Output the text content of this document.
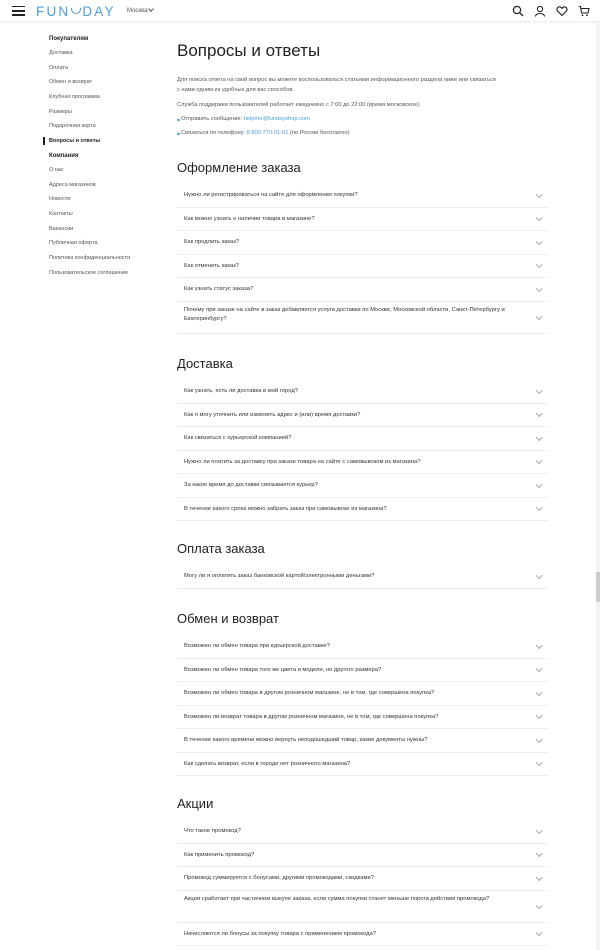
FUN DAY Москва
Покупателям
Доставка
Оплата
Обмен и возврат
Клубная программа
Размеры
Подарочная карта
Вопросы и ответы
Компания
О нас
Адреса магазинов
Новости
Контакты
Вакансии
Публичная оферта
Политика конфиденциальности
Пользовательское соглашение
Вопросы и ответы
Для поиска ответа на свой вопрос вы можете воспользоваться статьями информационного раздела ниже или связаться
с нами одним из удобных для вас способов.
Служба поддержки пользователей работает ежедневно с 7:00 до 22:00 (время московское).
Отправить сообщение: helpme@fundayshop.com
Связаться по телефону: 8 800 770-01-01 (по России бесплатно)
Оформление заказа
Нужно ли регистрироваться на сайте для оформления покупки?
Как можно узнать о наличии товара в магазине?
Как продлить заказ?
Как отменить заказ?
Как узнать статус заказа?
Почему при заказе на сайте в заказ добавляется услуга доставки по Москве, Московской области, Санкт-Петербургу и Екатеринбургу?
Доставка
Как узнать, есть ли доставка в мой город?
Как я могу уточнить или изменить адрес и (или) время доставки?
Как связаться с курьерской компанией?
Нужно ли платить за доставку при заказе товара на сайте с самовывозом из магазина?
За какое время до доставки связывается курьер?
В течение какого срока можно забрать заказ при самовывозе из магазина?
Оплата заказа
Могу ли я оплатить заказ банковской картой/электронными деньгами?
Обмен и возврат
Возможен ли обмен товара при курьерской доставке?
Возможен ли обмен товара того же цвета и модели, но другого размера?
Возможен ли обмен товара в другом розничном магазине, не в том, где совершена покупка?
Возможен ли возврат товара в другом розничном магазине, не в том, где совершена покупка?
В течение какого времени можно вернуть неподошедший товар, какие документы нужны?
Как сделать возврат, если в городе нет розничного магазина?
Акции
Что такое промокод?
Как применить промокод?
Промокод суммируется с бонусами, другими промокодами, скидками?
Акция сработает при частичном выкупе заказа, если сумма покупки станет меньше порога действия промокода?
Начисляются ли бонусы за покупку товара с применением промокода?
